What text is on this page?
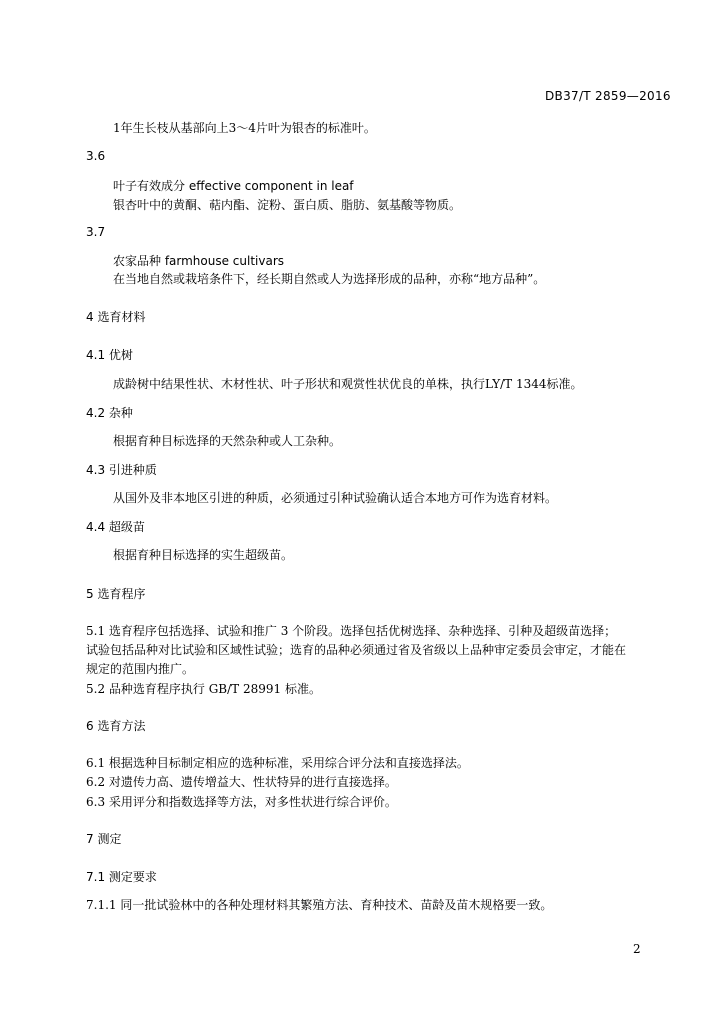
DB37/T 2859—2016
1年生长枝从基部向上3～4片叶为银杏的标准叶。
3.6
叶子有效成分 effective component in leaf
银杏叶中的黄酮、萜内酯、淀粉、蛋白质、脂肪、氨基酸等物质。
3.7
农家品种 farmhouse cultivars
在当地自然或栽培条件下，经长期自然或人为选择形成的品种，亦称“地方品种”。
4 选育材料
4.1 优树
成龄树中结果性状、木材性状、叶子形状和观赏性状优良的单株，执行LY/T 1344标准。
4.2 杂种
根据育种目标选择的天然杂种或人工杂种。
4.3 引进种质
从国外及非本地区引进的种质，必须通过引种试验确认适合本地方可作为选育材料。
4.4 超级苗
根据育种目标选择的实生超级苗。
5 选育程序
5.1 选育程序包括选择、试验和推广 3 个阶段。选择包括优树选择、杂种选择、引种及超级苗选择；
试验包括品种对比试验和区域性试验；选育的品种必须通过省及省级以上品种审定委员会审定，才能在
规定的范围内推广。
5.2 品种选育程序执行 GB/T 28991 标准。
6 选育方法
6.1 根据选种目标制定相应的选种标准，采用综合评分法和直接选择法。
6.2 对遗传力高、遗传增益大、性状特异的进行直接选择。
6.3 采用评分和指数选择等方法，对多性状进行综合评价。
7 测定
7.1 测定要求
7.1.1 同一批试验林中的各种处理材料其繁殖方法、育种技术、苗龄及苗木规格要一致。
2
